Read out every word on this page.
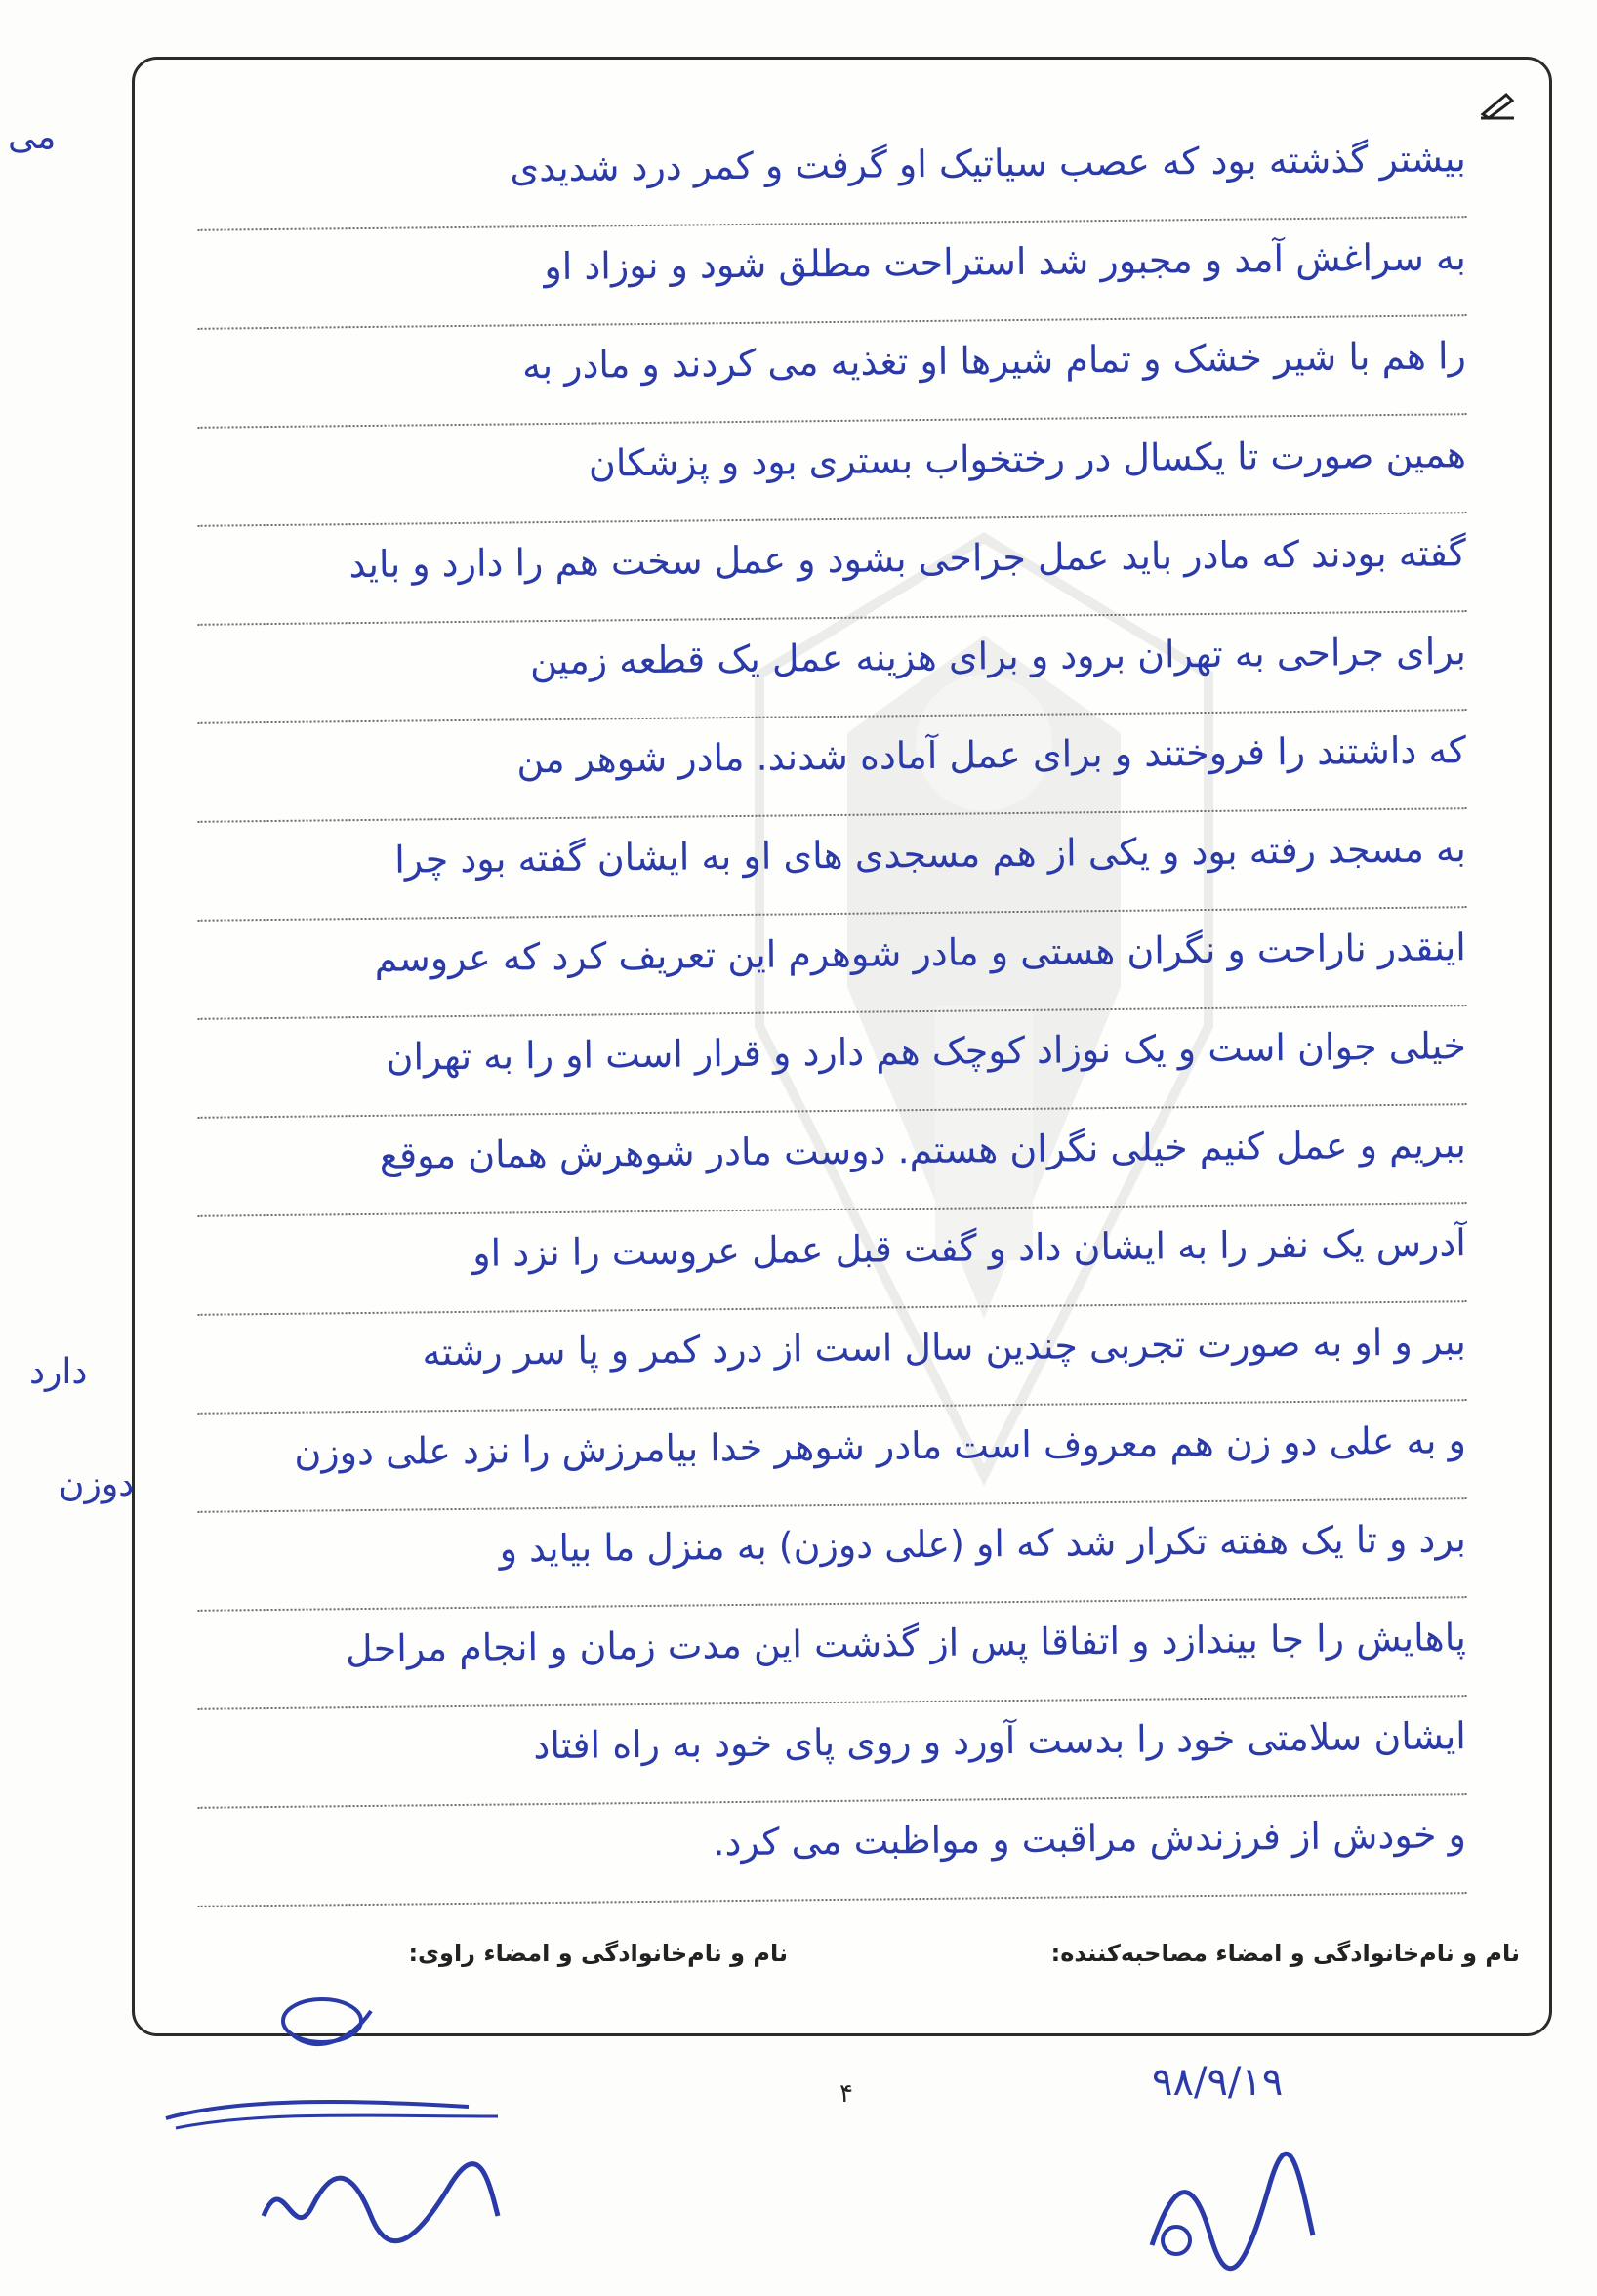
بیشتر گذشته بود که عصب سیاتیک او گرفت و کمر درد شدیدی
به سراغش آمد و مجبور شد استراحت مطلق شود و نوزاد او
را هم با شیر خشک و تمام شیرها او تغذیه می کردند و مادر به
همین صورت تا یکسال در رختخواب بستری بود و پزشکان
گفته بودند که مادر باید عمل جراحی بشود و عمل سخت هم را دارد و باید
برای جراحی به تهران برود و برای هزینه عمل یک قطعه زمین
که داشتند را فروختند و برای عمل آماده شدند. مادر شوهر من
به مسجد رفته بود و یکی از هم مسجدی های او به ایشان گفته بود چرا
اینقدر ناراحت و نگران هستی و مادر شوهرم این تعریف کرد که عروسم
خیلی جوان است و یک نوزاد کوچک هم دارد و قرار است او را به تهران
ببریم و عمل کنیم خیلی نگران هستم. دوست مادر شوهرش همان موقع
آدرس یک نفر را به ایشان داد و گفت قبل عمل عروست را نزد او
ببر و او به صورت تجربی چندین سال است از درد کمر و پا سر رشته
و به علی دو زن هم معروف است مادر شوهر خدا بیامرزش را نزد علی دوزن
برد و تا یک هفته تکرار شد که او (علی دوزن) به منزل ما بیاید و
پاهایش را جا بیندازد و اتفاقا پس از گذشت این مدت زمان و انجام مراحل
ایشان سلامتی خود را بدست آورد و روی پای خود به راه افتاد
و خودش از فرزندش مراقبت و مواظبت می کرد.
نام و نام‌خانوادگی و امضاء مصاحبه‌کننده:
نام و نام‌خانوادگی و امضاء راوی:
می
دارد
دوزن
۹۸/۹/۱۹
۴
